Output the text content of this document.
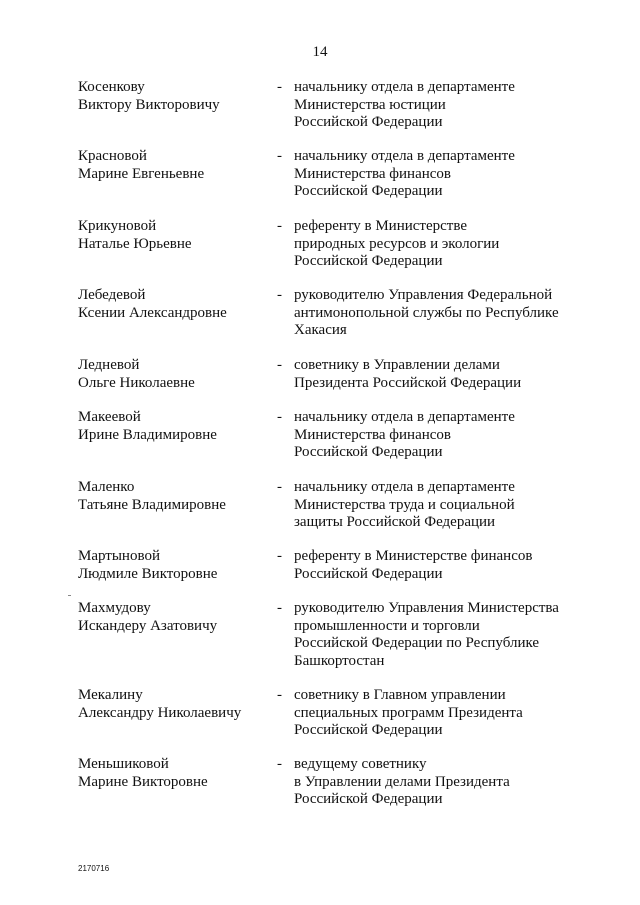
14
Косенкову
Виктору Викторовичу
- начальнику отдела в департаменте
Министерства юстиции
Российской Федерации
Красновой
Марине Евгеньевне
- начальнику отдела в департаменте
Министерства финансов
Российской Федерации
Крикуновой
Наталье Юрьевне
- референту в Министерстве
природных ресурсов и экологии
Российской Федерации
Лебедевой
Ксении Александровне
- руководителю Управления Федеральной
антимонопольной службы по Республике
Хакасия
Ледневой
Ольге Николаевне
- советнику в Управлении делами
Президента Российской Федерации
Макеевой
Ирине Владимировне
- начальнику отдела в департаменте
Министерства финансов
Российской Федерации
Маленко
Татьяне Владимировне
- начальнику отдела в департаменте
Министерства труда и социальной
защиты Российской Федерации
Мартыновой
Людмиле Викторовне
- референту в Министерстве финансов
Российской Федерации
Махмудову
Искандеру Азатовичу
- руководителю Управления Министерства
промышленности и торговли
Российской Федерации по Республике
Башкортостан
Мекалину
Александру Николаевичу
- советнику в Главном управлении
специальных программ Президента
Российской Федерации
Меньшиковой
Марине Викторовне
- ведущему советнику
в Управлении делами Президента
Российской Федерации
2170716
